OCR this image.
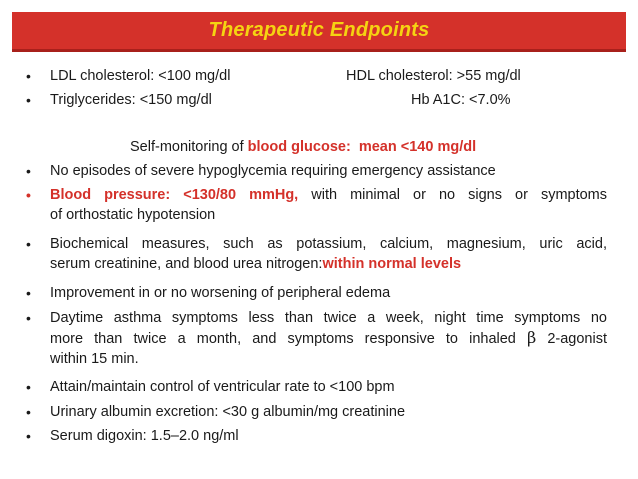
Therapeutic Endpoints
•	LDL cholesterol: <100 mg/dl	HDL cholesterol: >55 mg/dl
•	Triglycerides: <150 mg/dl	Hb A1C: <7.0%
Self-monitoring of blood glucose: mean <140 mg/dl
•	No episodes of severe hypoglycemia requiring emergency assistance
•	Blood pressure: <130/80 mmHg, with minimal or no signs or symptoms
of orthostatic hypotension
•	Biochemical measures, such as potassium, calcium, magnesium, uric acid,
serum creatinine, and blood urea nitrogen:within normal levels
•	Improvement in or no worsening of peripheral edema
•	Daytime asthma symptoms less than twice a week, night time symptoms no
more than twice a month, and symptoms responsive to inhaled β 2-agonist
within 15 min.
•	Attain/maintain control of ventricular rate to <100 bpm
•	Urinary albumin excretion: <30 g albumin/mg creatinine
•	Serum digoxin: 1.5–2.0 ng/ml
